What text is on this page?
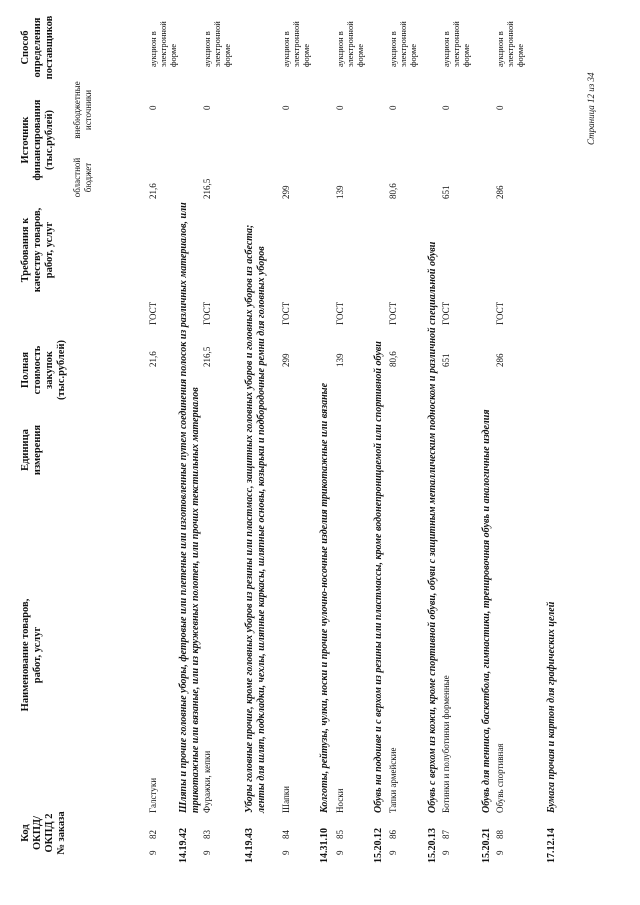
Код
ОКПД/
ОКПД 2
№ заказа
Наименование товаров,
работ, услуг
Единица
измерения
Полная
стоимость
закупок
(тыс.рублей)
Требования к
качеству товаров,
работ, услуг
Источник
финансирования
(тыс.рублей)
областной
бюджет
внебюджетные
источники
Способ
определения
поставщиков
9
82
Галстуки
21,6
ГОСТ
21,6
0
аукцион в
электронной
форме
14.19.42
Шляпы и прочие головные уборы, фетровые или плетеные или изготовленные путем соединения полосок из различных материалов, или трикотажные или вязаные, или из кружевных полотен, или прочих текстильных материалов
9
83
Фуражки, кепки
216,5
ГОСТ
216,5
0
аукцион в
электронной
форме
14.19.43
Уборы головные прочие, кроме головных уборов из резины или пластмасс, защитных головных уборов и головных уборов из асбеста; ленты для шляп, подкладки, чехлы, шляпные каркасы, шляпные основы, козырьки и подбородочные ремни для головных уборов
9
84
Шапки
299
ГОСТ
299
0
аукцион в
электронной
форме
14.31.10
Колготы, рейтузы, чулки, носки и прочие чулочно-носочные изделия трикотажные или вязаные
9
85
Носки
139
ГОСТ
139
0
аукцион в
электронной
форме
15.20.12
Обувь на подошве и с верхом из резины или пластмассы, кроме водонепроницаемой или спортивной обуви
9
86
Тапки армейские
80,6
ГОСТ
80,6
0
аукцион в
электронной
форме
15.20.13
Обувь с верхом из кожи, кроме спортивной обуви, обуви с защитным металлическим подноском и различной специальной обуви
9
87
Ботинки и полуботинки форменные
651
ГОСТ
651
0
аукцион в
электронной
форме
15.20.21
Обувь для тенниса, баскетбола, гимнастики, тренировочная обувь и аналогичные изделия
9
88
Обувь спортивная
286
ГОСТ
286
0
аукцион в
электронной
форме
17.12.14
Бумага прочая и картон для графических целей
Страница 12 из 34
